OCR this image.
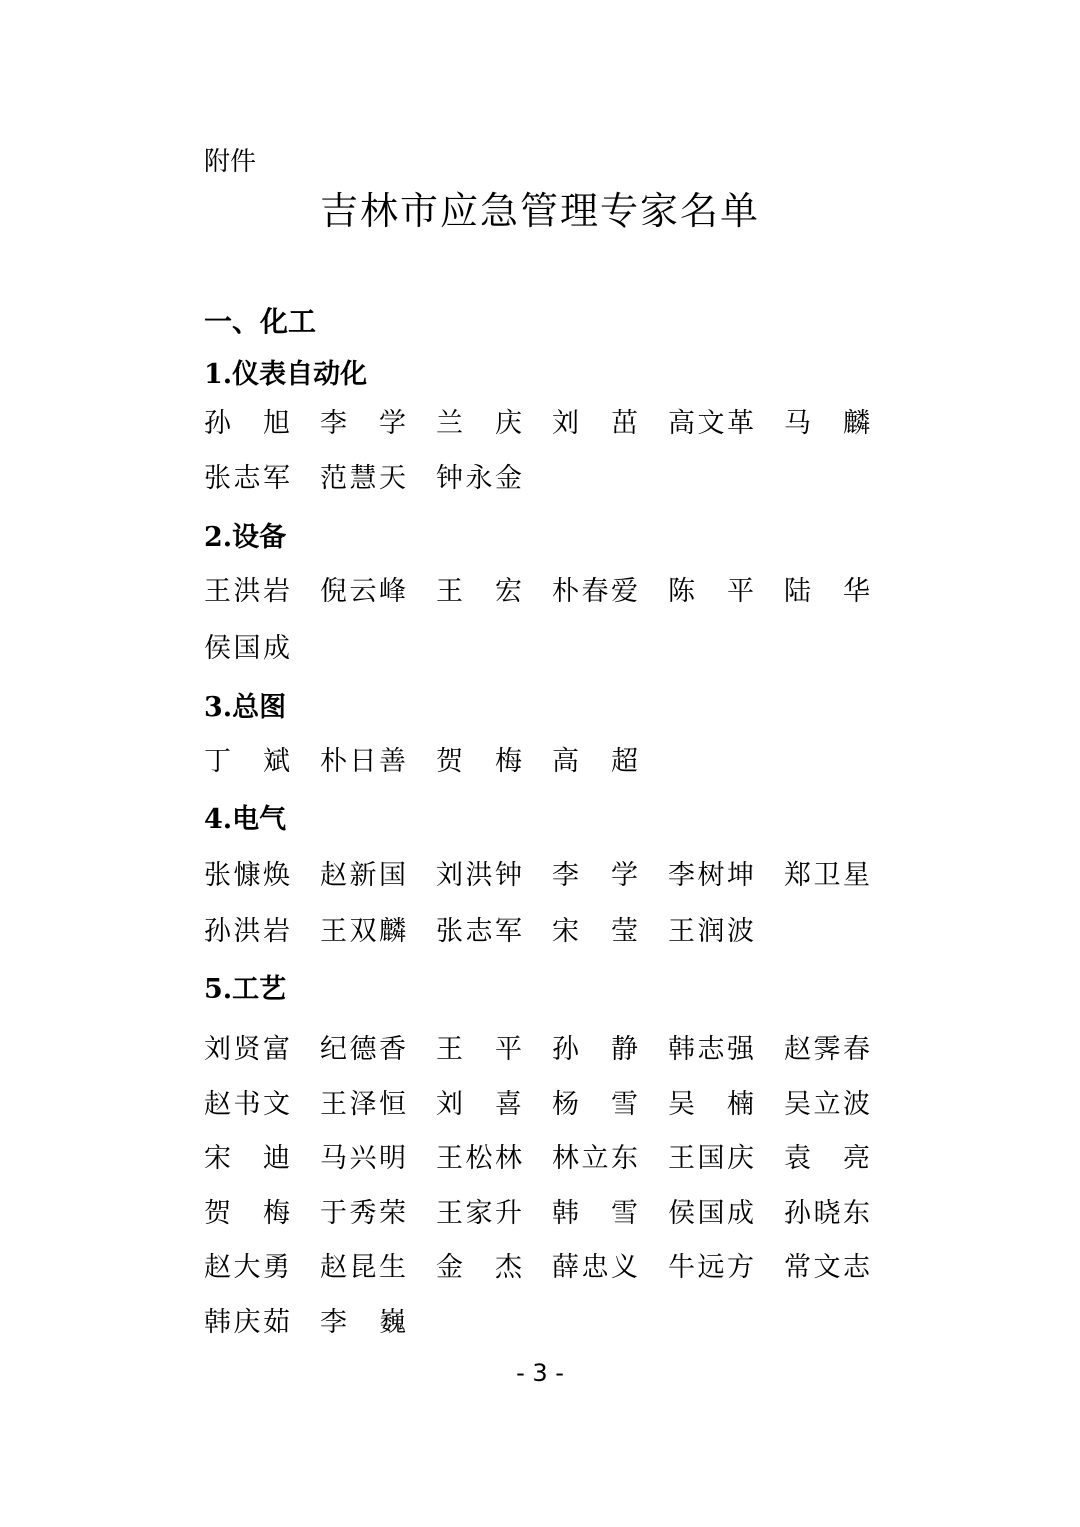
附件
吉林市应急管理专家名单
一、化工
1.仪表自动化
孙 旭 李 学 兰 庆 刘 茁 高 文 革 马 麟
张 志 军 范 慧 天 钟 永 金
2.设备
王 洪 岩 倪 云 峰 王 宏 朴 春 爱 陈 平 陆 华
侯 国 成
3.总图
丁 斌 朴 日 善 贺 梅 高 超
4.电气
张 慷 焕 赵 新 国 刘 洪 钟 李 学 李 树 坤 郑 卫 星
孙 洪 岩 王 双 麟 张 志 军 宋 莹 王 润 波
5.工艺
刘 贤 富 纪 德 香 王 平 孙 静 韩 志 强 赵 霁 春
赵 书 文 王 泽 恒 刘 喜 杨 雪 吴 楠 吴 立 波
宋 迪 马 兴 明 王 松 林 林 立 东 王 国 庆 袁 亮
贺 梅 于 秀 荣 王 家 升 韩 雪 侯 国 成 孙 晓 东
赵 大 勇 赵 昆 生 金 杰 薛 忠 义 牛 远 方 常 文 志
韩 庆 茹 李 巍
- 3 -
